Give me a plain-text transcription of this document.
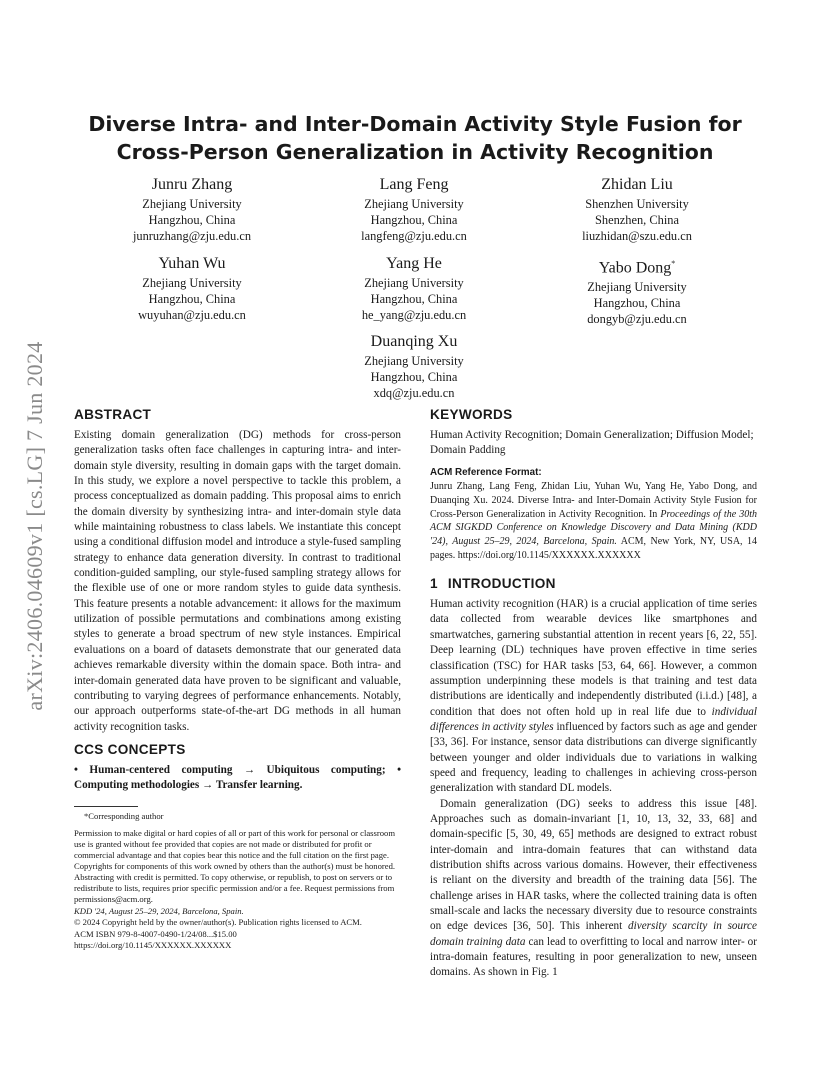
arXiv:2406.04609v1 [cs.LG] 7 Jun 2024
Diverse Intra- and Inter-Domain Activity Style Fusion for
Cross-Person Generalization in Activity Recognition
Junru Zhang
Zhejiang University
Hangzhou, China
junruzhang@zju.edu.cn
Lang Feng
Zhejiang University
Hangzhou, China
langfeng@zju.edu.cn
Zhidan Liu
Shenzhen University
Shenzhen, China
liuzhidan@szu.edu.cn
Yuhan Wu
Zhejiang University
Hangzhou, China
wuyuhan@zju.edu.cn
Yang He
Zhejiang University
Hangzhou, China
he_yang@zju.edu.cn
Yabo Dong*
Zhejiang University
Hangzhou, China
dongyb@zju.edu.cn
Duanqing Xu
Zhejiang University
Hangzhou, China
xdq@zju.edu.cn
ABSTRACT

Existing domain generalization (DG) methods for cross-person generalization tasks often face challenges in capturing intra- and inter-domain style diversity, resulting in domain gaps with the target domain. In this study, we explore a novel perspective to tackle this problem, a process conceptualized as domain padding. This proposal aims to enrich the domain diversity by synthesizing intra- and inter-domain style data while maintaining robustness to class labels. We instantiate this concept using a conditional diffusion model and introduce a style-fused sampling strategy to enhance data generation diversity. In contrast to traditional condition-guided sampling, our style-fused sampling strategy allows for the flexible use of one or more random styles to guide data synthesis. This feature presents a notable advancement: it allows for the maximum utilization of possible permutations and combinations among existing styles to generate a broad spectrum of new style instances. Empirical evaluations on a board of datasets demonstrate that our generated data achieves remarkable diversity within the domain space. Both intra- and inter-domain generated data have proven to be significant and valuable, contributing to varying degrees of performance enhancements. Notably, our approach outperforms state-of-the-art DG methods in all human activity recognition tasks.

CCS CONCEPTS

• Human-centered computing → Ubiquitous computing; • Computing methodologies → Transfer learning.

*Corresponding author

Permission to make digital or hard copies of all or part of this work for personal or classroom use is granted without fee provided that copies are not made or distributed for profit or commercial advantage and that copies bear this notice and the full citation on the first page. Copyrights for components of this work owned by others than the author(s) must be honored. Abstracting with credit is permitted. To copy otherwise, or republish, to post on servers or to redistribute to lists, requires prior specific permission and/or a fee. Request permissions from permissions@acm.org.

KDD '24, August 25–29, 2024, Barcelona, Spain.

© 2024 Copyright held by the owner/author(s). Publication rights licensed to ACM.

ACM ISBN 979-8-4007-0490-1/24/08...$15.00

https://doi.org/10.1145/XXXXXX.XXXXXX

KEYWORDS

Human Activity Recognition; Domain Generalization; Diffusion Model; Domain Padding

ACM Reference Format:

Junru Zhang, Lang Feng, Zhidan Liu, Yuhan Wu, Yang He, Yabo Dong, and Duanqing Xu. 2024. Diverse Intra- and Inter-Domain Activity Style Fusion for Cross-Person Generalization in Activity Recognition. In Proceedings of the 30th ACM SIGKDD Conference on Knowledge Discovery and Data Mining (KDD '24), August 25–29, 2024, Barcelona, Spain. ACM, New York, NY, USA, 14 pages. https://doi.org/10.1145/XXXXXX.XXXXXX

1 INTRODUCTION

Human activity recognition (HAR) is a crucial application of time series data collected from wearable devices like smartphones and smartwatches, garnering substantial attention in recent years [6, 22, 55]. Deep learning (DL) techniques have proven effective in time series classification (TSC) for HAR tasks [53, 64, 66]. However, a common assumption underpinning these models is that training and test data distributions are identically and independently distributed (i.i.d.) [48], a condition that does not often hold up in real life due to individual differences in activity styles influenced by factors such as age and gender [33, 36]. For instance, sensor data distributions can diverge significantly between younger and older individuals due to variations in walking speed and frequency, leading to challenges in achieving cross-person generalization with standard DL models.

Domain generalization (DG) seeks to address this issue [48]. Approaches such as domain-invariant [1, 10, 13, 32, 33, 68] and domain-specific [5, 30, 49, 65] methods are designed to extract robust inter-domain and intra-domain features that can withstand data distribution shifts across various domains. However, their effectiveness is reliant on the diversity and breadth of the training data [56]. The challenge arises in HAR tasks, where the collected training data is often small-scale and lacks the necessary diversity due to resource constraints on edge devices [36, 50]. This inherent diversity scarcity in source domain training data can lead to overfitting to local and narrow inter- or intra-domain features, resulting in poor generalization to new, unseen domains. As shown in Fig. 1
